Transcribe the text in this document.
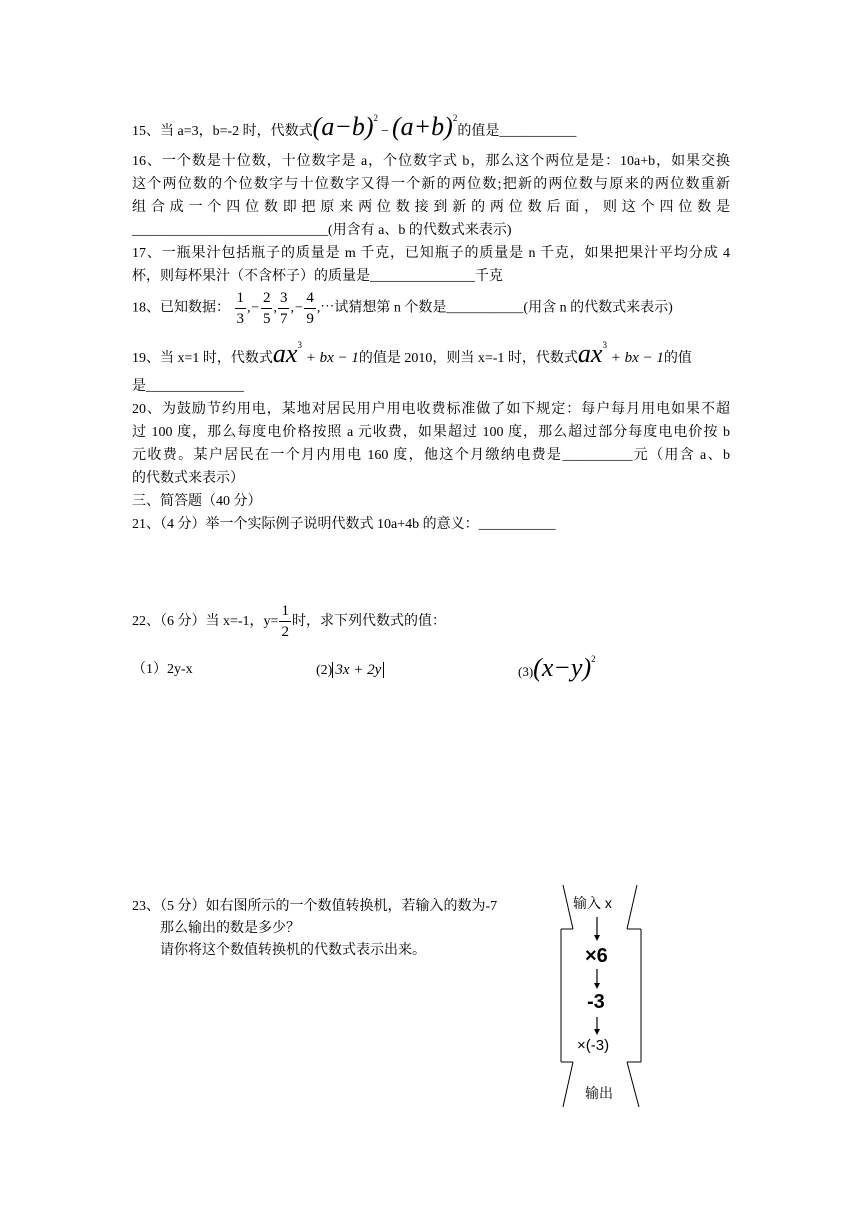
15、当 a=3，b=-2 时，代数式$(a-b)^2- (a+b)^2$的值是___________
16、一个数是十位数，十位数字是 a，个位数字式 b，那么这个两位是是：10a+b，如果交换
这个两位数的个位数字与十位数字又得一个新的两位数;把新的两位数与原来的两位数重新
组 合 成 一 个 四 位 数 即 把 原 来 两 位 数 接 到 新 的 两 位 数 后 面 ， 则 这 个 四 位 数 是
____________________________(用含有 a、b 的代数式来表示)
17、一瓶果汁包括瓶子的质量是 m 千克，已知瓶子的质量是 n 千克，如果把果汁平均分成 4
杯，则每杯果汁（不含杯子）的质量是_______________千克
18、已知数据： $\frac{1}{3}$ ,− $\frac{2}{5}$ , $\frac{3}{7}$ ,− $\frac{4}{9}$ ,⋯试猜想第 n 个数是___________(用含 n 的代数式来表示)
19、当 x=1 时，代数式$ax^3$ + bx − 1的值是 2010，则当 x=-1 时，代数式$ax^3$ + bx − 1的值
是______________
20、为鼓励节约用电，某地对居民用户用电收费标准做了如下规定：每户每月用电如果不超
过 100 度，那么每度电价格按照 a 元收费，如果超过 100 度，那么超过部分每度电电价按 b
元收费。某户居民在一个月内用电 160 度，他这个月缴纳电费是__________元（用含 a、b
的代数式来表示）
三、简答题（40 分）
21、（4 分）举一个实际例子说明代数式 10a+4b 的意义：___________
22、（6 分）当 x=-1，$y= \frac{1}{2}$ 时，求下列代数式的值：
（1）2y-x	(2) 3x + 2y	$(3)(x-y)^2$
23、（5 分）如右图所示的一个数值转换机，若输入的数为-7
那么输出的数是多少？
请你将这个数值转换机的代数式表示出来。
输入 x
×6
-3
×(-3)
输出
